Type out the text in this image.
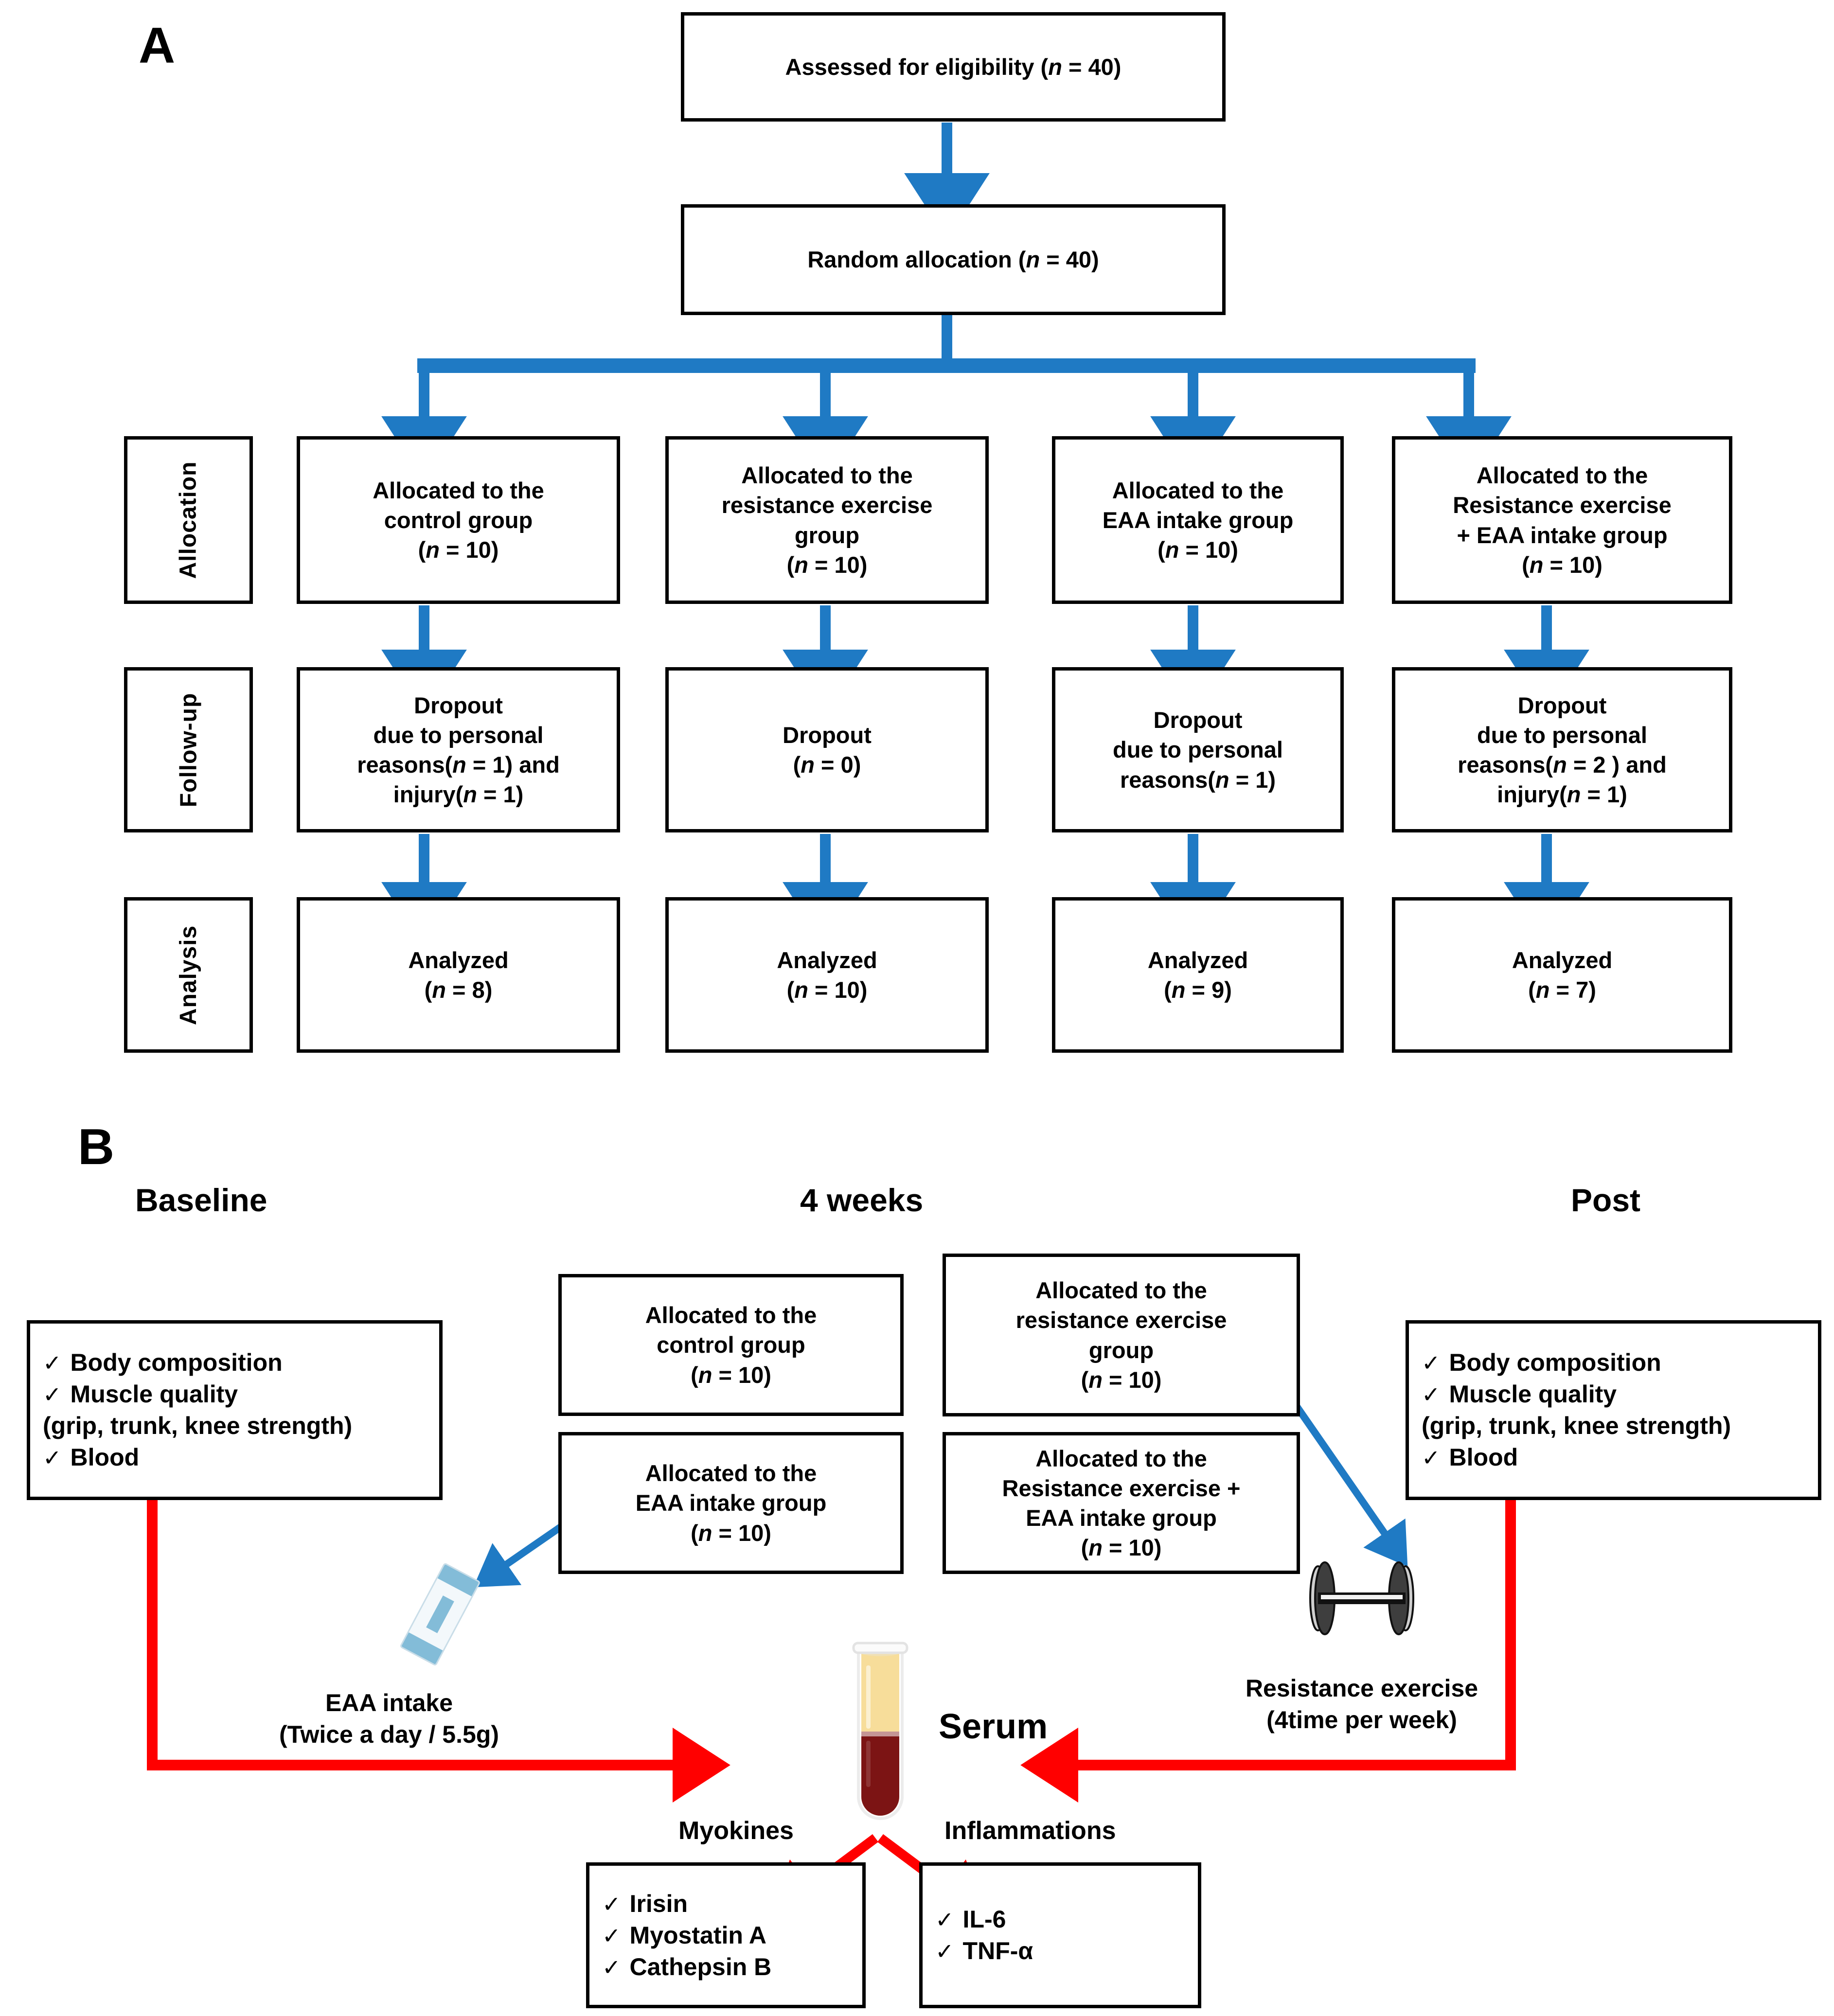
A	Assessed for eligibility (n = 40)
Random allocation (n = 40)
Allocation
Follow-up
Analysis
Allocated to the
control group
(n = 10)
Allocated to the
resistance exercise
group
(n = 10)
Allocated to the
EAA intake group
(n = 10)
Allocated to the
Resistance exercise
+ EAA intake group
(n = 10)
Dropout
due to personal
reasons(n = 1) and
injury(n = 1)
Dropout
(n = 0)
Dropout
due to personal
reasons(n = 1)
Dropout
due to personal
reasons(n = 2 ) and
injury(n = 1)
Analyzed
(n = 8)
Analyzed
(n = 10)
Analyzed
(n = 9)
Analyzed
(n = 7)
B
Baseline	4 weeks	Post
✓ Body composition
✓ Muscle quality
(grip, trunk, knee strength)
✓ Blood
✓ Body composition
✓ Muscle quality
(grip, trunk, knee strength)
✓ Blood
Allocated to the
control group
(n = 10)
Allocated to the
resistance exercise
group
(n = 10)
Allocated to the
EAA intake group
(n = 10)
Allocated to the
Resistance exercise +
EAA intake group
(n = 10)
EAA intake
(Twice a day / 5.5g)
Resistance exercise
(4time per week)
Serum
Myokines
✓ Irisin
✓ Myostatin A
✓ Cathepsin B
Inflammations
✓ IL-6
✓ TNF-α
